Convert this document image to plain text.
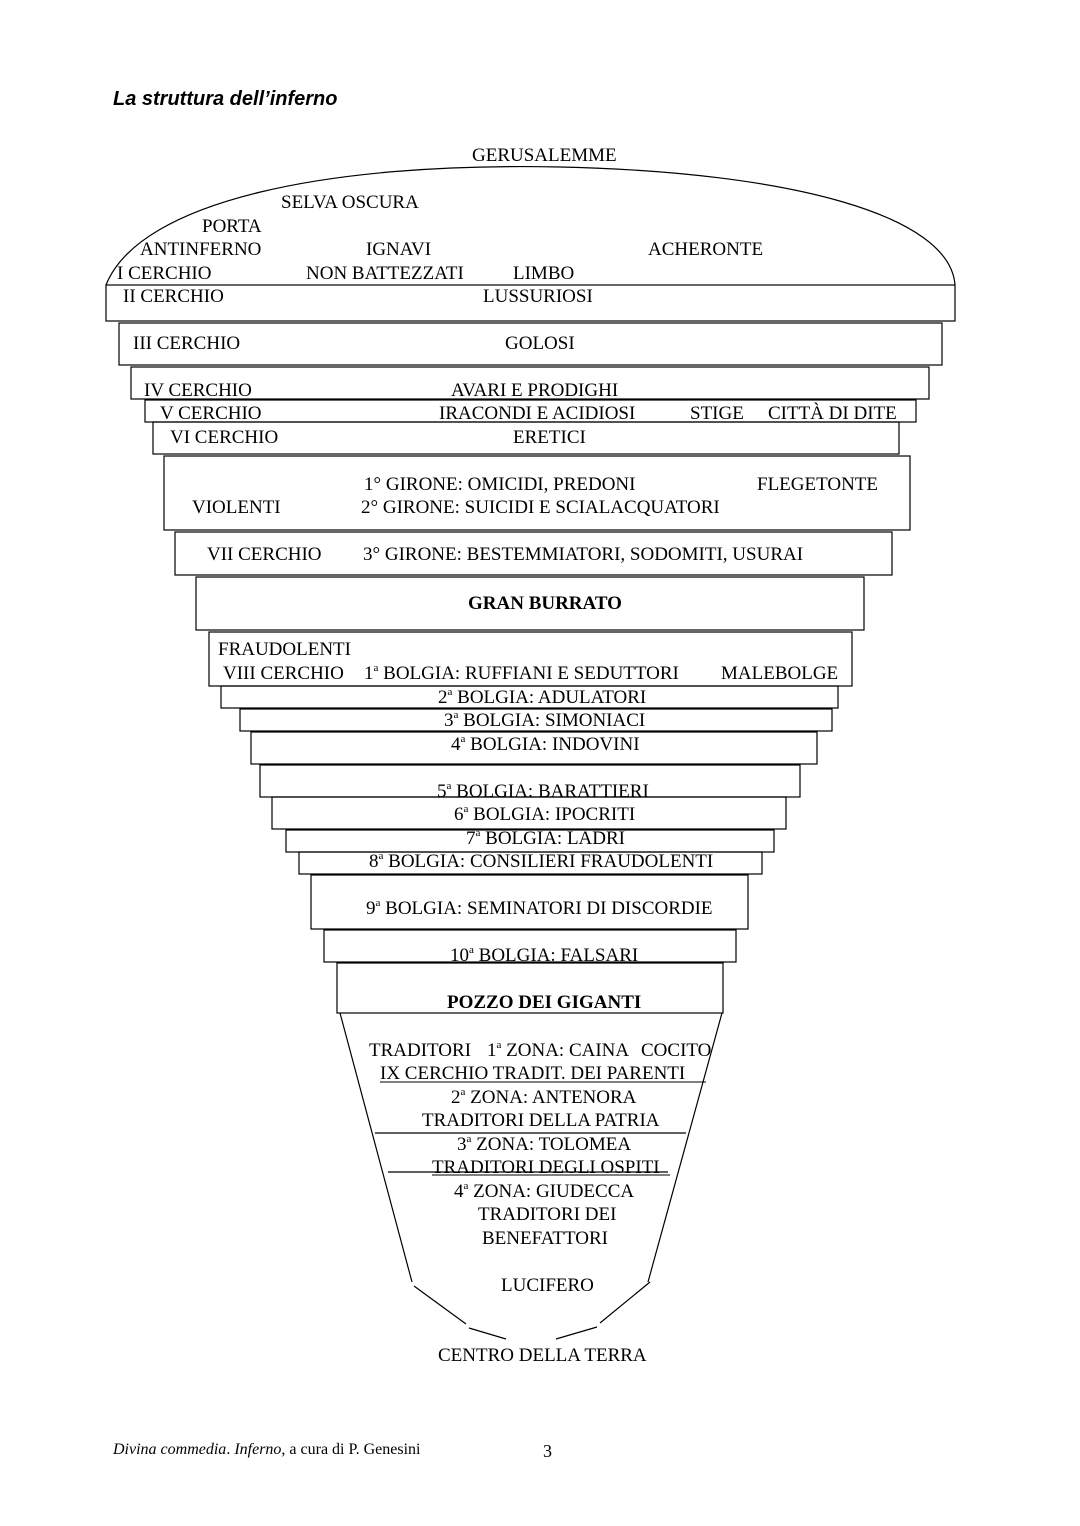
La struttura dell’inferno
GERUSALEMME
SELVA OSCURA
PORTA
ANTINFERNO	IGNAVI	ACHERONTE
I CERCHIO	NON BATTEZZATI	LIMBO
II CERCHIO	LUSSURIOSI
III CERCHIO	GOLOSI
IV CERCHIO	AVARI E PRODIGHI
V CERCHIO	IRACONDI E ACIDIOSI	STIGE CITTÀ DI DITE
VI CERCHIO	ERETICI
1° GIRONE: OMICIDI, PREDONI	FLEGETONTE
VIOLENTI	2° GIRONE: SUICIDI E SCIALACQUATORI
VII CERCHIO 3° GIRONE: BESTEMMIATORI, SODOMITI, USURAI
GRAN BURRATO
FRAUDOLENTI
VIII CERCHIO 1$^a$ BOLGIA: RUFFIANI E SEDUTTORI MALEBOLGE
2$^a$ BOLGIA: ADULATORI
3$^a$ BOLGIA: SIMONIACI
4$^a$ BOLGIA: INDOVINI
5$^a$ BOLGIA: BARATTIERI
6$^a$ BOLGIA: IPOCRITI
7$^a$ BOLGIA: LADRI
8$^a$ BOLGIA: CONSILIERI FRAUDOLENTI
9$^a$ BOLGIA: SEMINATORI DI DISCORDIE
10$^a$ BOLGIA: FALSARI
POZZO DEI GIGANTI
TRADITORI 1$^a$ ZONA: CAINA COCITO
IX CERCHIO TRADIT. DEI PARENTI
2$^a$ ZONA: ANTENORA
TRADITORI DELLA PATRIA
3$^a$ ZONA: TOLOMEA
TRADITORI DEGLI OSPITI
4$^a$ ZONA: GIUDECCA
TRADITORI DEI
BENEFATTORI
LUCIFERO
CENTRO DELLA TERRA
Divina commedia. Inferno, a cura di P. Genesini	3
